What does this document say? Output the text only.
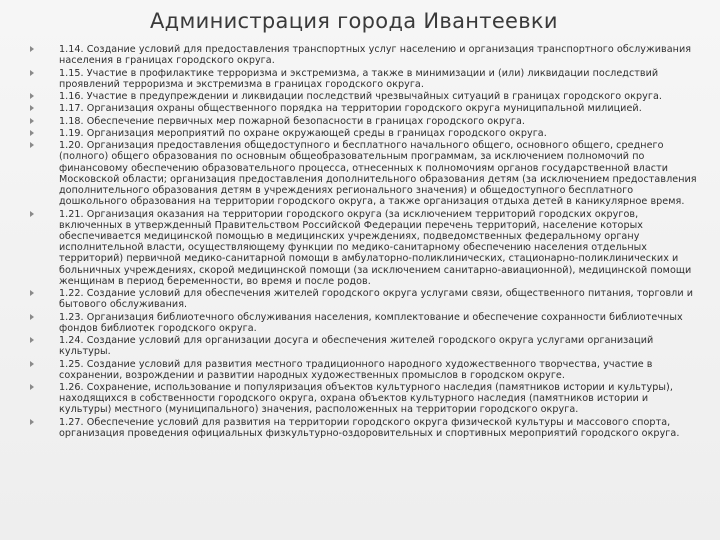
Администрация города Ивантеевки
1.14. Создание условий для предоставления транспортных услуг населению и организация транспортного обслуживания населения в границах городского округа.
1.15. Участие в профилактике терроризма и экстремизма, а также в минимизации и (или) ликвидации последствий проявлений терроризма и экстремизма в границах городского округа.
1.16. Участие в предупреждении и ликвидации последствий чрезвычайных ситуаций в границах городского округа.
1.17. Организация охраны общественного порядка на территории городского округа муниципальной милицией.
1.18. Обеспечение первичных мер пожарной безопасности в границах городского округа.
1.19. Организация мероприятий по охране окружающей среды в границах городского округа.
1.20. Организация предоставления общедоступного и бесплатного начального общего, основного общего, среднего (полного) общего образования по основным общеобразовательным программам, за исключением полномочий по финансовому обеспечению образовательного процесса, отнесенных к полномочиям органов государственной власти Московской области; организация предоставления дополнительного образования детям (за исключением предоставления дополнительного образования детям в учреждениях регионального значения) и общедоступного бесплатного дошкольного образования на территории городского округа, а также организация отдыха детей в каникулярное время.
1.21. Организация оказания на территории городского округа (за исключением территорий городских округов, включенных в утвержденный Правительством Российской Федерации перечень территорий, население которых обеспечивается медицинской помощью в медицинских учреждениях, подведомственных федеральному органу исполнительной власти, осуществляющему функции по медико-санитарному обеспечению населения отдельных территорий) первичной медико-санитарной помощи в амбулаторно-поликлинических, стационарно-поликлинических и больничных учреждениях, скорой медицинской помощи (за исключением санитарно-авиационной), медицинской помощи женщинам в период беременности, во время и после родов.
1.22. Создание условий для обеспечения жителей городского округа услугами связи, общественного питания, торговли и бытового обслуживания.
1.23. Организация библиотечного обслуживания населения, комплектование и обеспечение сохранности библиотечных фондов библиотек городского округа.
1.24. Создание условий для организации досуга и обеспечения жителей городского округа услугами организаций культуры.
1.25. Создание условий для развития местного традиционного народного художественного творчества, участие в сохранении, возрождении и развитии народных художественных промыслов в городском округе.
1.26. Сохранение, использование и популяризация объектов культурного наследия (памятников истории и культуры), находящихся в собственности городского округа, охрана объектов культурного наследия (памятников истории и культуры) местного (муниципального) значения, расположенных на территории городского округа.
1.27. Обеспечение условий для развития на территории городского округа физической культуры и массового спорта, организация проведения официальных физкультурно-оздоровительных и спортивных мероприятий городского округа.
